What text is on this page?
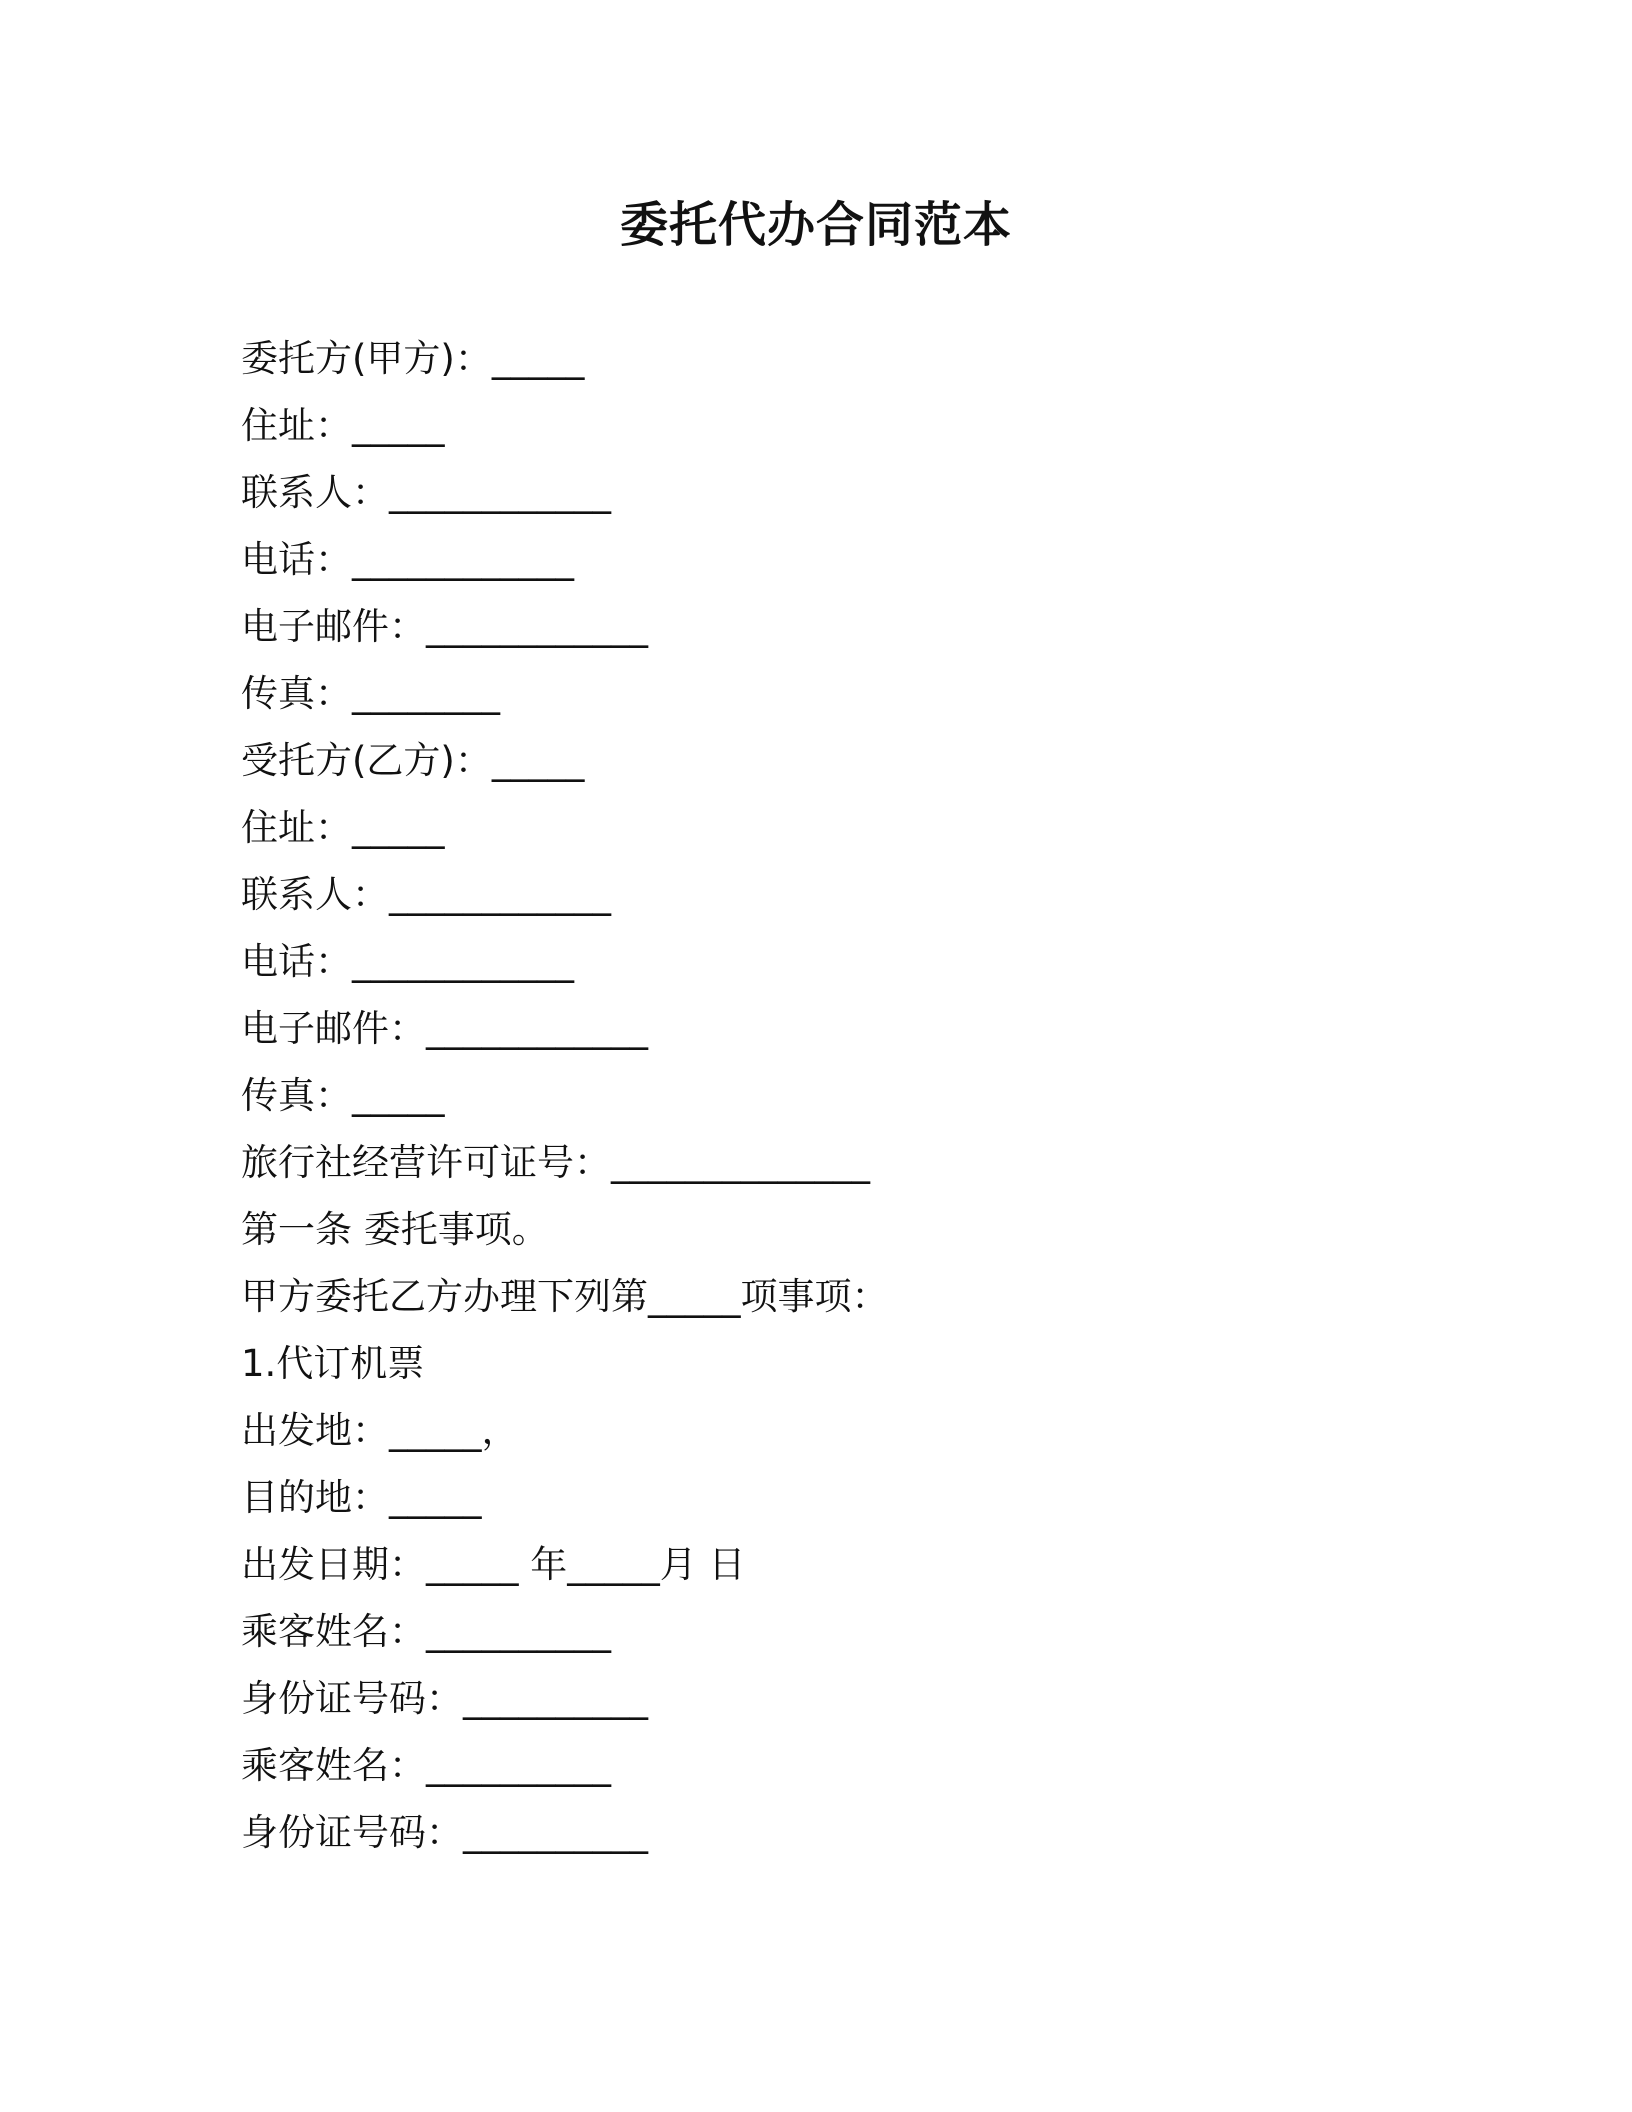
委托代办合同范本

委托方(甲方)：_____

住址：_____

联系人：____________

电话：____________

电子邮件：____________

传真：________

受托方(乙方)：_____

住址：_____

联系人：____________

电话：____________

电子邮件：____________

传真：_____

旅行社经营许可证号：______________

第一条 委托事项。

甲方委托乙方办理下列第_____项事项：

1.代订机票

出发地：_____，

目的地：_____

出发日期：_____ 年_____月 日

乘客姓名：__________

身份证号码：__________

乘客姓名：__________

身份证号码：__________
